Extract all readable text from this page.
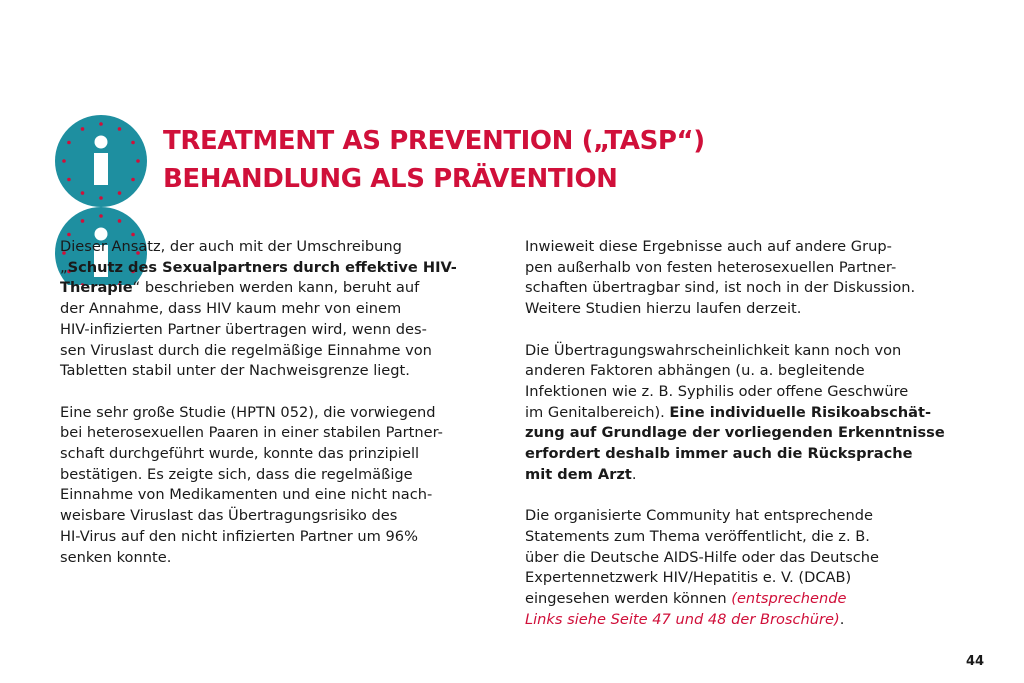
TREATMENT AS PREVENTION („TASP“)
BEHANDLUNG ALS PRÄVENTION

Dieser Ansatz, der auch mit der Umschreibung
„Schutz des Sexualpartners durch effektive HIV-
Therapie“ beschrieben werden kann, beruht auf
der Annahme, dass HIV kaum mehr von einem
HIV-infizierten Partner übertragen wird, wenn des-
sen Viruslast durch die regelmäßige Einnahme von
Tabletten stabil unter der Nachweisgrenze liegt.

Eine sehr große Studie (HPTN 052), die vorwiegend
bei heterosexuellen Paaren in einer stabilen Partner-
schaft durchgeführt wurde, konnte das prinzipiell
bestätigen. Es zeigte sich, dass die regelmäßige
Einnahme von Medikamenten und eine nicht nach-
weisbare Viruslast das Übertragungsrisiko des
HI-Virus auf den nicht infizierten Partner um 96%
senken konnte.

Inwieweit diese Ergebnisse auch auf andere Grup-
pen außerhalb von festen heterosexuellen Partner-
schaften übertragbar sind, ist noch in der Diskussion.
Weitere Studien hierzu laufen derzeit.

Die Übertragungswahrscheinlichkeit kann noch von
anderen Faktoren abhängen (u. a. begleitende
Infektionen wie z. B. Syphilis oder offene Geschwüre
im Genitalbereich). Eine individuelle Risikoabschät-
zung auf Grundlage der vorliegenden Erkenntnisse
erfordert deshalb immer auch die Rücksprache
mit dem Arzt.

Die organisierte Community hat entsprechende
Statements zum Thema veröffentlicht, die z. B.
über die Deutsche AIDS-Hilfe oder das Deutsche
Expertennetzwerk HIV/Hepatitis e. V. (DCAB)
eingesehen werden können (entsprechende
Links siehe Seite 47 und 48 der Broschüre).

44
